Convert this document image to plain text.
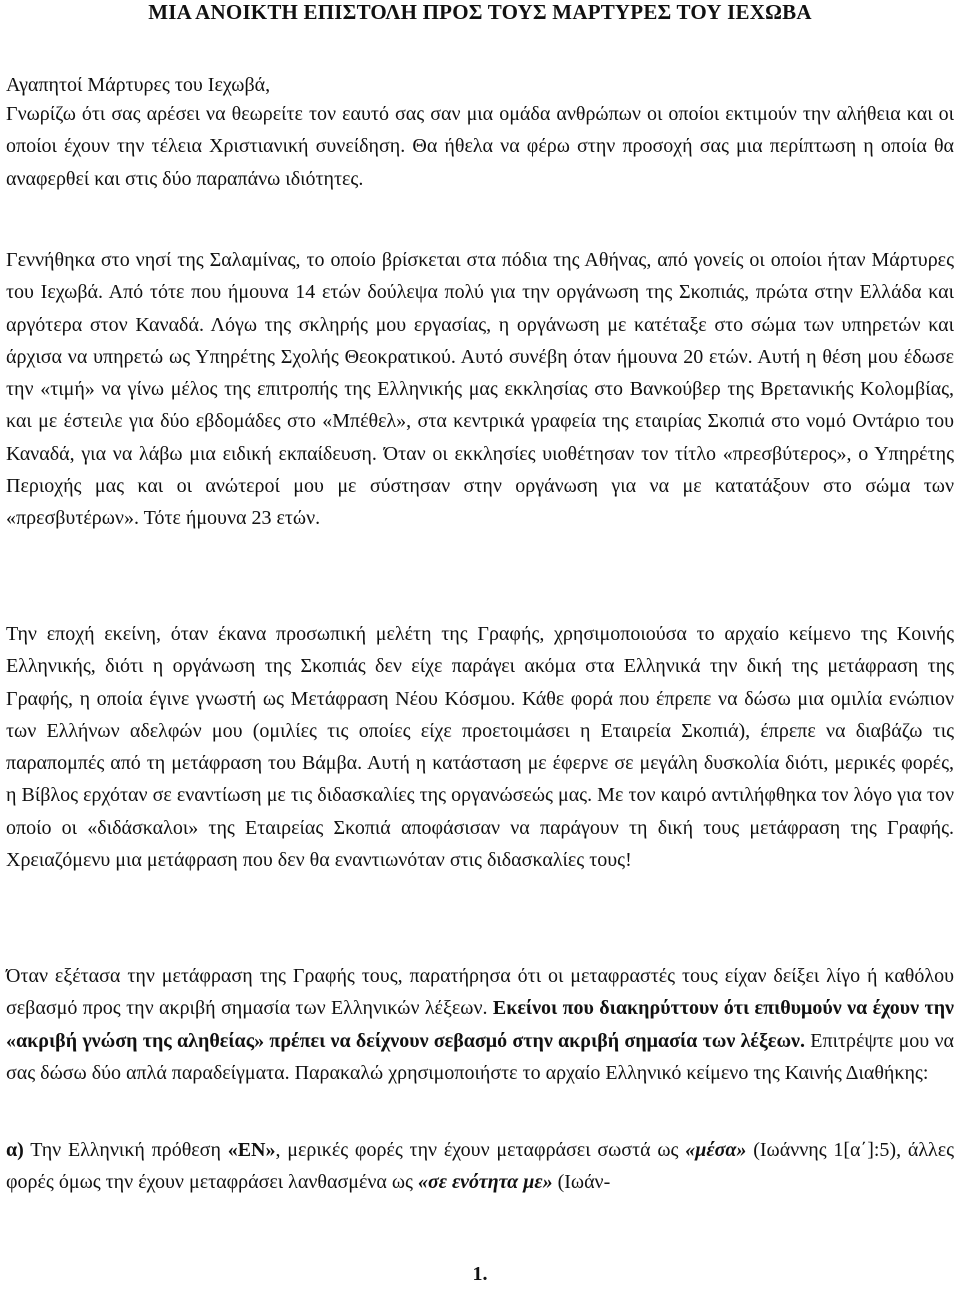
ΜΙΑ ΑΝΟΙΚΤΗ ΕΠΙΣΤΟΛΗ ΠΡΟΣ ΤΟΥΣ ΜΑΡΤΥΡΕΣ ΤΟΥ ΙΕΧΩΒΑ
Αγαπητοί Μάρτυρες του Ιεχωβά,

Γνωρίζω ότι σας αρέσει να θεωρείτε τον εαυτό σας σαν μια ομάδα ανθρώπων οι οποίοι εκτιμούν την αλήθεια και οι οποίοι έχουν την τέλεια Χριστιανική συνείδηση. Θα ήθελα να φέρω στην προσοχή σας μια περίπτωση η οποία θα αναφερθεί και στις δύο παραπάνω ιδιότητες.

Γεννήθηκα στο νησί της Σαλαμίνας, το οποίο βρίσκεται στα πόδια της Αθήνας, από γονείς οι οποίοι ήταν Μάρτυρες του Ιεχωβά. Από τότε που ήμουνα 14 ετών δούλεψα πολύ για την οργάνωση της Σκοπιάς, πρώτα στην Ελλάδα και αργότερα στον Καναδά. Λόγω της σκληρής μου εργασίας, η οργάνωση με κατέταξε στο σώμα των υπηρετών και άρχισα να υπηρετώ ως Υπηρέτης Σχολής Θεοκρατικού. Αυτό συνέβη όταν ήμουνα 20 ετών. Αυτή η θέση μου έδωσε την «τιμή» να γίνω μέλος της επιτροπής της Ελληνικής μας εκκλησίας στο Βανκούβερ της Βρετανικής Κολομβίας, και με έστειλε για δύο εβδομάδες στο «Μπέθελ», στα κεντρικά γραφεία της εταιρίας Σκοπιά στο νομό Οντάριο του Καναδά, για να λάβω μια ειδική εκπαίδευση. Όταν οι εκκλησίες υιοθέτησαν τον τίτλο «πρεσβύτερος», ο Υπηρέτης Περιοχής μας και οι ανώτεροί μου με σύστησαν στην οργάνωση για να με κατατάξουν στο σώμα των «πρεσβυτέρων». Τότε ήμουνα 23 ετών.

Την εποχή εκείνη, όταν έκανα προσωπική μελέτη της Γραφής, χρησιμοποιούσα το αρχαίο κείμενο της Κοινής Ελληνικής, διότι η οργάνωση της Σκοπιάς δεν είχε παράγει ακόμα στα Ελληνικά την δική της μετάφραση της Γραφής, η οποία έγινε γνωστή ως Μετάφραση Νέου Κόσμου. Κάθε φορά που έπρεπε να δώσω μια ομιλία ενώπιον των Ελλήνων αδελφών μου (ομιλίες τις οποίες είχε προετοιμάσει η Εταιρεία Σκοπιά), έπρεπε να διαβάζω τις παραπομπές από τη μετάφραση του Βάμβα. Αυτή η κατάσταση με έφερνε σε μεγάλη δυσκολία διότι, μερικές φορές, η Βίβλος ερχόταν σε εναντίωση με τις διδασκαλίες της οργανώσεώς μας. Με τον καιρό αντιλήφθηκα τον λόγο για τον οποίο οι «διδάσκαλοι» της Εταιρείας Σκοπιά αποφάσισαν να παράγουν τη δική τους μετάφραση της Γραφής. Χρειαζόμενυ μια μετάφραση που δεν θα εναντιωνόταν στις διδασκαλίες τους!

Όταν εξέτασα την μετάφραση της Γραφής τους, παρατήρησα ότι οι μεταφραστές τους είχαν δείξει λίγο ή καθόλου σεβασμό προς την ακριβή σημασία των Ελληνικών λέξεων. Εκείνοι που διακηρύττουν ότι επιθυμούν να έχουν την «ακριβή γνώση της αληθείας» πρέπει να δείχνουν σεβασμό στην ακριβή σημασία των λέξεων. Επιτρέψτε μου να σας δώσω δύο απλά παραδείγματα. Παρακαλώ χρησιμοποιήστε το αρχαίο Ελληνικό κείμενο της Καινής Διαθήκης:

α) Την Ελληνική πρόθεση «ΕΝ», μερικές φορές την έχουν μεταφράσει σωστά ως «μέσα» (Ιωάννης 1[α΄]:5), άλλες φορές όμως την έχουν μεταφράσει λανθασμένα ως «σε ενότητα με» (Ιωάν-

1.
